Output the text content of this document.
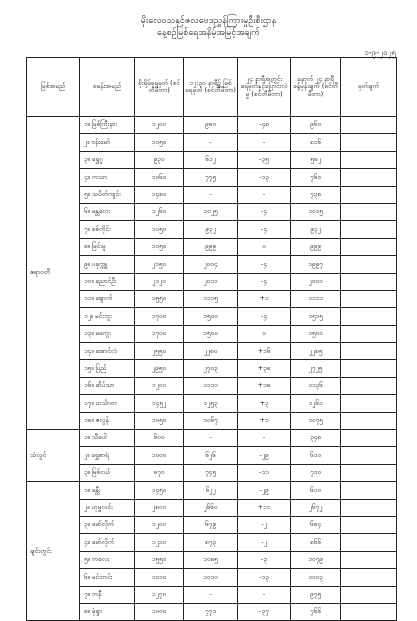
မိုးလေဝသနှင့်ဇလဗေဒညွှန်ကြားမှုဦးစီးဌာန
နေ့စဉ်မြစ်ရေအနိမ့်အမြင့်အချက်
၁-၉-၂၀၂၅
မြစ်အမည်	စခန်းအမည်	စိုးရိမ်ရေမှတ် (စင်တီမီတာ)	၁၂:၃၀ နာရီ၌ မြစ်ရေမှတ် (စင်တီမီတာ)	၂၄ နာရီအတွင်း ရေမှတ်နှင့်ပြောင်းလဲမှု (စင်တီမီတာ)	နောက် ၂၄ နာရီ ခန့်မှန်းချက် (စင်တီမီတာ)	မှတ်ချက်
ဧရာဝတီ	၁။ မြစ်ကြီးနား	၁၂၀၀	၉၈၀	-၄၈	၉၆၀	
	၂။ ဗန်းမော်	၁၁၅၀	-	-	၈၁၆	
	၃။ ရွှေဂူ	၉၃၀	၆၁၂	-၃၅	၅၈၂	
	၄။ ကသာ	၁၀၆၀	၇၇၅	-၁၃	၇၆၀	
	၅။ သပိတ်ကျင်း	၁၄၈၀	-	-	၇၃၈	
	၆။ မန္တလေး	၁၂၆၀	၁၀၂၅	-၄	၁၀၁၅	
	၇။ စစ်ကိုင်း	၁၁၅၀	၉၃၂	-၄	၉၃၂	
	၈။ မြင်းမူ	၁၁၅၀	၉၉၉	၀	၉၉၉	
	၉။ ပခုက္ကူ	၂၁၅၀	၂၀၀၄	-၄	၁၉၉၇	
	၁၀။ ညောင်ဦး	၂၁၂၀	၂၀၁၁	-၄	၂၀၀၁	
	၁၁။ ချောက်	၁၅၅၀	၁၁၁၅	+၁	၁၁၁၁	
	၁၂။ မင်းဘူး	၁၇၀၀	၁၅၀၀	-၄	၁၅၁၅	
	၁၃။ မကွေး	၁၇၀၀	၁၅၀၀	၀	၁၅၀၀	
	၁၄။ အောင်လံ	၂၅၅၀	၂၂၈၀	+၁၆	၂၂၈၅	
	၁၅။ ပြည်	၂၉၅၀	၂၇၀၃	+၃၈	၂၇၂၅	
	၁၆။ ဆိပ်သာ	၁၂၀၀	၁၁၁၁	+၁၈	၁၁၃၆	
	၁၇။ ဟင်္သာတ	၁၄၅၂	၁၂၅၃	+၃	၁၂၆၁	
	၁၈။ ဇလွန်	၁၀၅၀	၁၀၆၇	+၁	၁၀၇၅	
သံလွင်	၁။ သီပေါ	၆၀၀	-	-	၃၄၈	
	၂။ ရွှေစာရံ	၁၀၀၀	၆၂၆	-၂၉	၆၁၀	
	၃။ မြစ်ငယ်	၈၇၀	၇၄၅	-၁၁	၇၁၀	
ချင်းတွင်း	၁။ ခန္တီး	၁၄၅၀	၆၂၂	-၂၉	၆၁၀	
	၂။ ဟုမ္မလင်း	၂၈၀၀	၂၆၆၀	+၁၁	၂၆၇၂	
	၃။ မော်လိုက်	၁၂၀၀	၆၇၉	-၂	၆၈၄	
	၄။ မော်လိုက်	၁၂၁၀	၈၇၃	-၂	၈၆၆	
	၅။ ကလေး	၁၅၅၀	၁၀၈၅	-၃	၁၀၇၉	
	၆။ မင်းကင်း	၁၀၁၀	၁၀၁၀	-၁၃	၁၀၀၃	
	၇။ ကနီ	၁၂၇၀	-	-	၉၇၅	
	၈။ မုံရွာ	၁၀၀၀	၇၇၁	-၃၇	၇၆၆	
